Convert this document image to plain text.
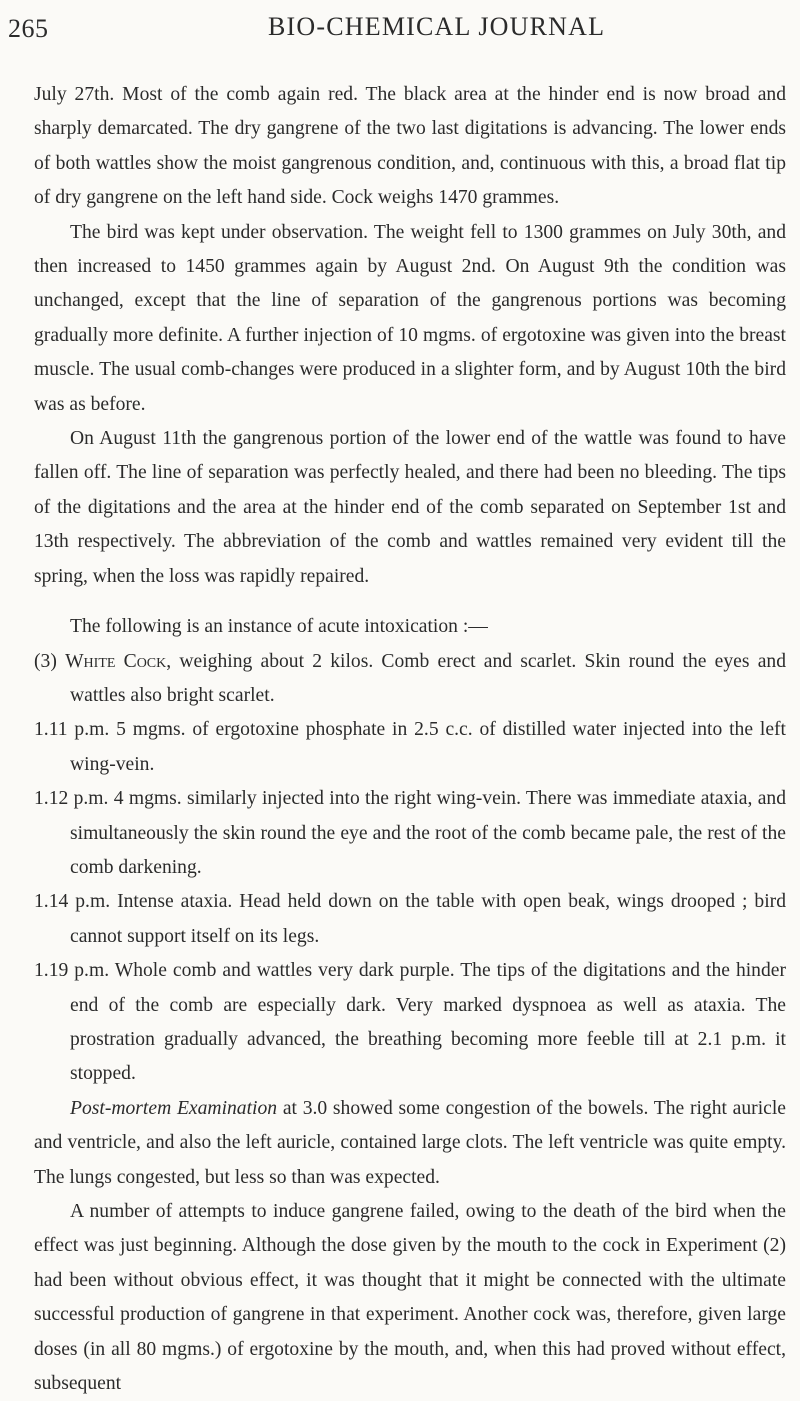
265	BIO-CHEMICAL JOURNAL

July 27th. Most of the comb again red. The black area at the hinder end is now broad and sharply demarcated. The dry gangrene of the two last digitations is advancing. The lower ends of both wattles show the moist gangrenous condition, and, continuous with this, a broad flat tip of dry gangrene on the left hand side. Cock weighs 1470 grammes.

The bird was kept under observation. The weight fell to 1300 grammes on July 30th, and then increased to 1450 grammes again by August 2nd. On August 9th the condition was unchanged, except that the line of separation of the gangrenous portions was becoming gradually more definite. A further injection of 10 mgms. of ergotoxine was given into the breast muscle. The usual comb-changes were produced in a slighter form, and by August 10th the bird was as before.

On August 11th the gangrenous portion of the lower end of the wattle was found to have fallen off. The line of separation was perfectly healed, and there had been no bleeding. The tips of the digitations and the area at the hinder end of the comb separated on September 1st and 13th respectively. The abbreviation of the comb and wattles remained very evident till the spring, when the loss was rapidly repaired.

The following is an instance of acute intoxication :—

(3) White Cock, weighing about 2 kilos. Comb erect and scarlet. Skin round the eyes and wattles also bright scarlet.

1.11 p.m. 5 mgms. of ergotoxine phosphate in 2.5 c.c. of distilled water injected into the left wing-vein.

1.12 p.m. 4 mgms. similarly injected into the right wing-vein. There was immediate ataxia, and simultaneously the skin round the eye and the root of the comb became pale, the rest of the comb darkening.

1.14 p.m. Intense ataxia. Head held down on the table with open beak, wings drooped ; bird cannot support itself on its legs.

1.19 p.m. Whole comb and wattles very dark purple. The tips of the digitations and the hinder end of the comb are especially dark. Very marked dyspnoea as well as ataxia. The prostration gradually advanced, the breathing becoming more feeble till at 2.1 p.m. it stopped.

Post-mortem Examination at 3.0 showed some congestion of the bowels. The right auricle and ventricle, and also the left auricle, contained large clots. The left ventricle was quite empty. The lungs congested, but less so than was expected.

A number of attempts to induce gangrene failed, owing to the death of the bird when the effect was just beginning. Although the dose given by the mouth to the cock in Experiment (2) had been without obvious effect, it was thought that it might be connected with the ultimate successful production of gangrene in that experiment. Another cock was, therefore, given large doses (in all 80 mgms.) of ergotoxine by the mouth, and, when this had proved without effect, subsequent
